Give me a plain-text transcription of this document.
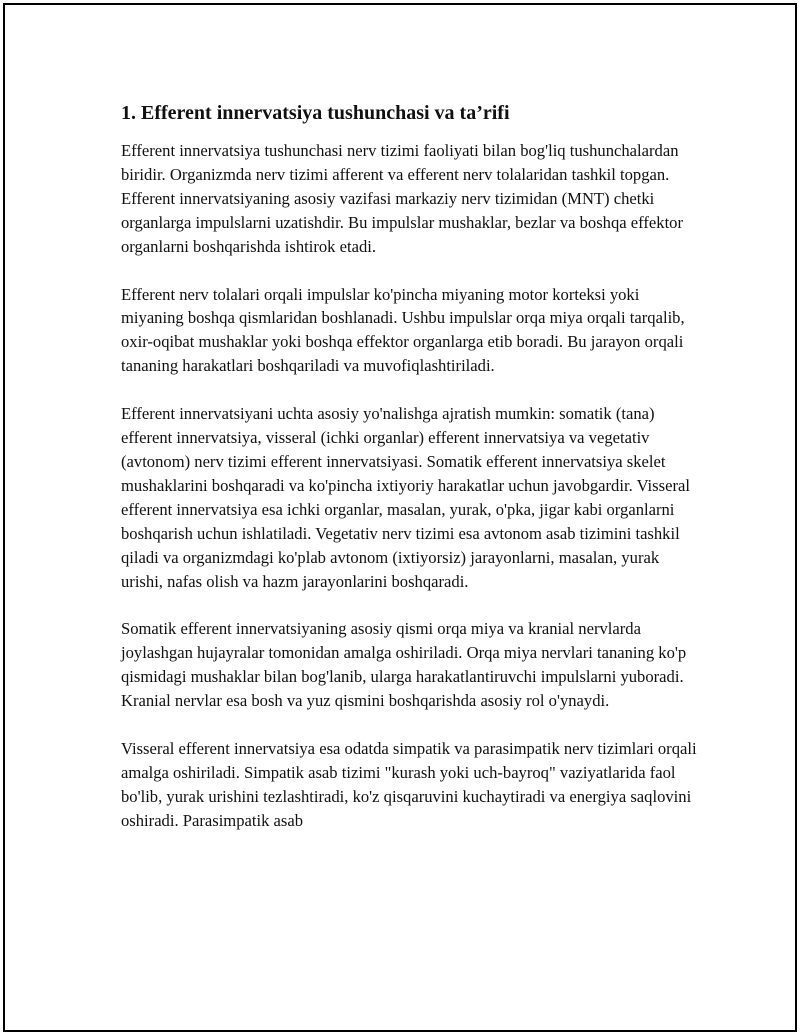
1. Efferent innervatsiya tushunchasi va ta’rifi

Efferent innervatsiya tushunchasi nerv tizimi faoliyati bilan bog'liq tushunchalardan biridir. Organizmda nerv tizimi afferent va efferent nerv tolalaridan tashkil topgan. Efferent innervatsiyaning asosiy vazifasi markaziy nerv tizimidan (MNT) chetki organlarga impulslarni uzatishdir. Bu impulslar mushaklar, bezlar va boshqa effektor organlarni boshqarishda ishtirok etadi.

Efferent nerv tolalari orqali impulslar ko'pincha miyaning motor korteksi yoki miyaning boshqa qismlaridan boshlanadi. Ushbu impulslar orqa miya orqali tarqalib, oxir-oqibat mushaklar yoki boshqa effektor organlarga etib boradi. Bu jarayon orqali tananing harakatlari boshqariladi va muvofiqlashtiriladi.

Efferent innervatsiyani uchta asosiy yo'nalishga ajratish mumkin: somatik (tana) efferent innervatsiya, visseral (ichki organlar) efferent innervatsiya va vegetativ (avtonom) nerv tizimi efferent innervatsiyasi. Somatik efferent innervatsiya skelet mushaklarini boshqaradi va ko'pincha ixtiyoriy harakatlar uchun javobgardir. Visseral efferent innervatsiya esa ichki organlar, masalan, yurak, o'pka, jigar kabi organlarni boshqarish uchun ishlatiladi. Vegetativ nerv tizimi esa avtonom asab tizimini tashkil qiladi va organizmdagi ko'plab avtonom (ixtiyorsiz) jarayonlarni, masalan, yurak urishi, nafas olish va hazm jarayonlarini boshqaradi.

Somatik efferent innervatsiyaning asosiy qismi orqa miya va kranial nervlarda joylashgan hujayralar tomonidan amalga oshiriladi. Orqa miya nervlari tananing ko'p qismidagi mushaklar bilan bog'lanib, ularga harakatlantiruvchi impulslarni yuboradi. Kranial nervlar esa bosh va yuz qismini boshqarishda asosiy rol o'ynaydi.

Visseral efferent innervatsiya esa odatda simpatik va parasimpatik nerv tizimlari orqali amalga oshiriladi. Simpatik asab tizimi "kurash yoki uch-bayroq" vaziyatlarida faol bo'lib, yurak urishini tezlashtiradi, ko'z qisqaruvini kuchaytiradi va energiya saqlovini oshiradi. Parasimpatik asab
